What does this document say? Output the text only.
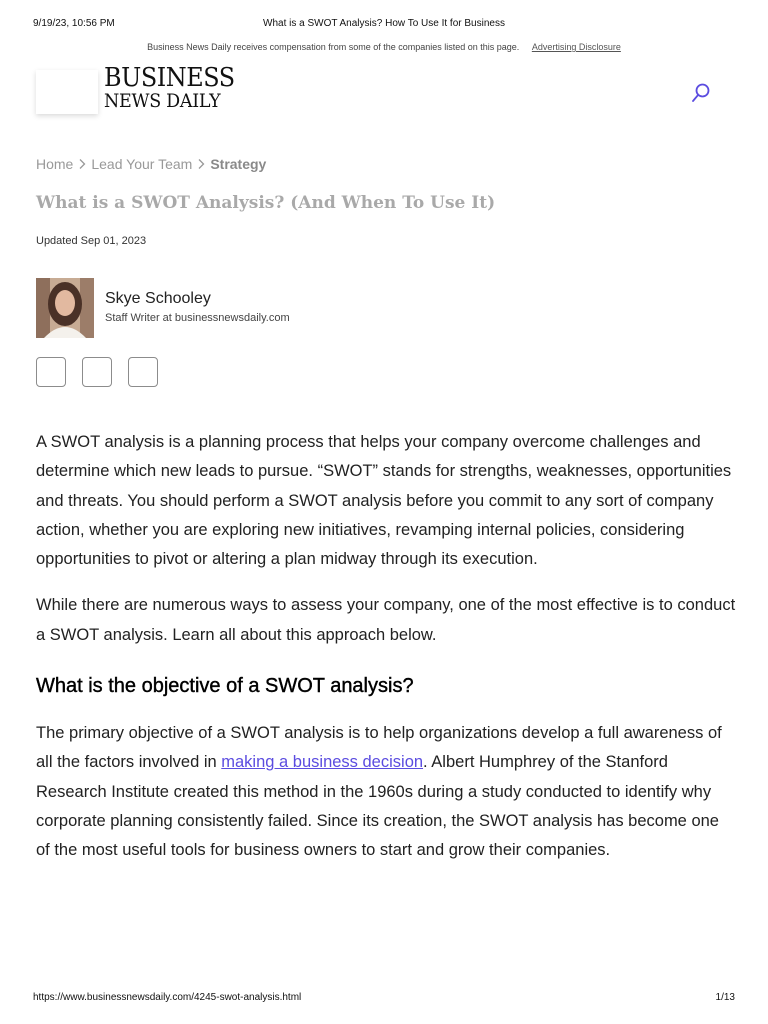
9/19/23, 10:56 PM	What is a SWOT Analysis? How To Use It for Business
Business News Daily receives compensation from some of the companies listed on this page. Advertising Disclosure
BUSINESS
NEWS DAILY
Home Lead Your Team Strategy
What is a SWOT Analysis? (And When To Use It)
Updated Sep 01, 2023
Skye Schooley
Staff Writer at businessnewsdaily.com

A SWOT analysis is a planning process that helps your company overcome challenges and determine which new leads to pursue. “SWOT” stands for strengths, weaknesses, opportunities and threats. You should perform a SWOT analysis before you commit to any sort of company action, whether you are exploring new initiatives, revamping internal policies, considering opportunities to pivot or altering a plan midway through its execution.

While there are numerous ways to assess your company, one of the most effective is to conduct a SWOT analysis. Learn all about this approach below.

What is the objective of a SWOT analysis?

The primary objective of a SWOT analysis is to help organizations develop a full awareness of all the factors involved in making a business decision. Albert Humphrey of the Stanford Research Institute created this method in the 1960s during a study conducted to identify why corporate planning consistently failed. Since its creation, the SWOT analysis has become one of the most useful tools for business owners to start and grow their companies.

https://www.businessnewsdaily.com/4245-swot-analysis.html	1/13
